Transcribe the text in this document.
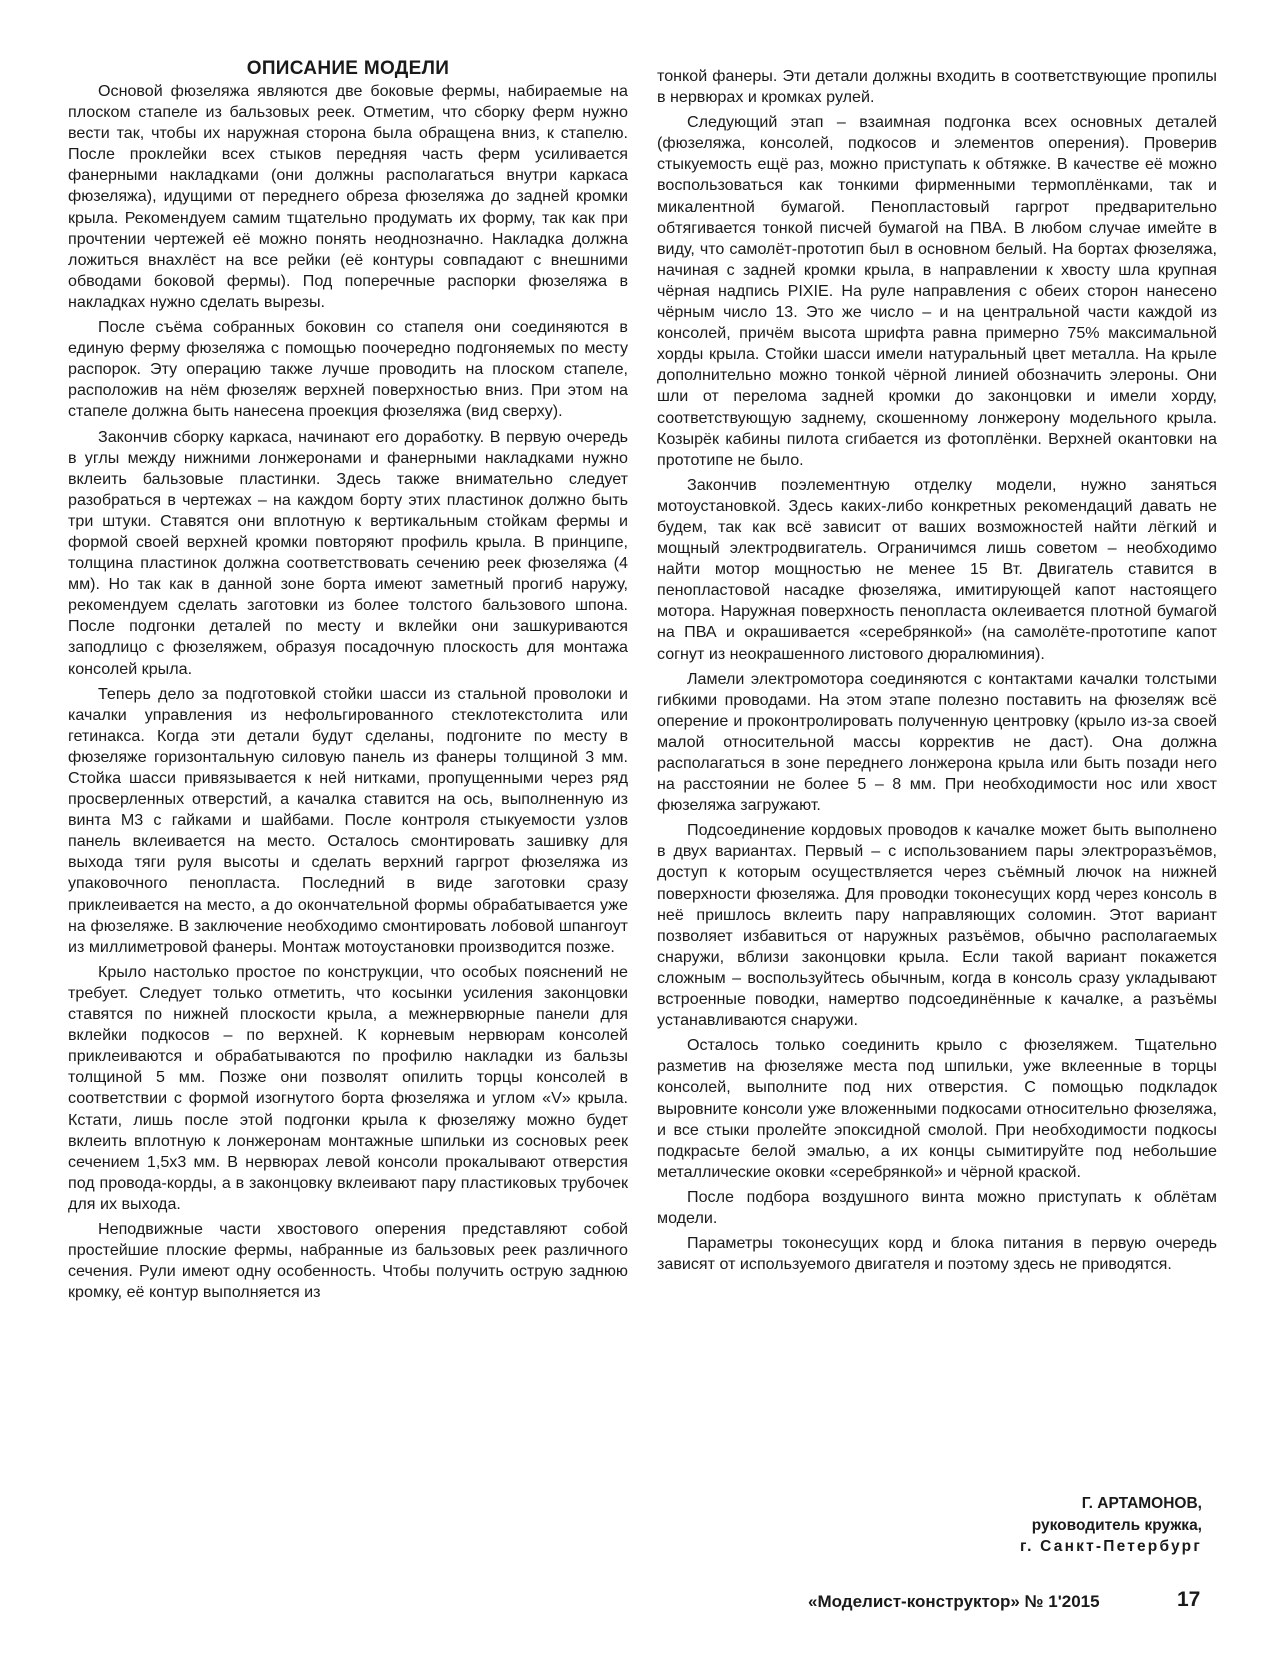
ОПИСАНИЕ МОДЕЛИ

Основой фюзеляжа являются две боковые фермы, набираемые на плоском стапеле из бальзовых реек. Отметим, что сборку ферм нужно вести так, чтобы их наружная сторона была обращена вниз, к стапелю. После проклейки всех стыков передняя часть ферм усиливается фанерными накладками (они должны располагаться внутри каркаса фюзеляжа), идущими от переднего обреза фюзеляжа до задней кромки крыла. Рекомендуем самим тщательно продумать их форму, так как при прочтении чертежей её можно понять неоднозначно. Накладка должна ложиться внахлёст на все рейки (её контуры совпадают с внешними обводами боковой фермы). Под поперечные распорки фюзеляжа в накладках нужно сделать вырезы.

После съёма собранных боковин со стапеля они соединяются в единую ферму фюзеляжа с помощью поочередно подгоняемых по месту распорок. Эту операцию также лучше проводить на плоском стапеле, расположив на нём фюзеляж верхней поверхностью вниз. При этом на стапеле должна быть нанесена проекция фюзеляжа (вид сверху).

Закончив сборку каркаса, начинают его доработку. В первую очередь в углы между нижними лонжеронами и фанерными накладками нужно вклеить бальзовые пластинки. Здесь также внимательно следует разобраться в чертежах – на каждом борту этих пластинок должно быть три штуки. Ставятся они вплотную к вертикальным стойкам фермы и формой своей верхней кромки повторяют профиль крыла. В принципе, толщина пластинок должна соответствовать сечению реек фюзеляжа (4 мм). Но так как в данной зоне борта имеют заметный прогиб наружу, рекомендуем сделать заготовки из более толстого бальзового шпона. После подгонки деталей по месту и вклейки они зашкуриваются заподлицо с фюзеляжем, образуя посадочную плоскость для монтажа консолей крыла.

Теперь дело за подготовкой стойки шасси из стальной проволоки и качалки управления из нефольгированного стеклотекстолита или гетинакса. Когда эти детали будут сделаны, подгоните по месту в фюзеляже горизонтальную силовую панель из фанеры толщиной 3 мм. Стойка шасси привязывается к ней нитками, пропущенными через ряд просверленных отверстий, а качалка ставится на ось, выполненную из винта М3 с гайками и шайбами. После контроля стыкуемости узлов панель вклеивается на место. Осталось смонтировать зашивку для выхода тяги руля высоты и сделать верхний гаргрот фюзеляжа из упаковочного пенопласта. Последний в виде заготовки сразу приклеивается на место, а до окончательной формы обрабатывается уже на фюзеляже. В заключение необходимо смонтировать лобовой шпангоут из миллиметровой фанеры. Монтаж мотоустановки производится позже.

Крыло настолько простое по конструкции, что особых пояснений не требует. Следует только отметить, что косынки усиления законцовки ставятся по нижней плоскости крыла, а межнервюрные панели для вклейки подкосов – по верхней. К корневым нервюрам консолей приклеиваются и обрабатываются по профилю накладки из бальзы толщиной 5 мм. Позже они позволят опилить торцы консолей в соответствии с формой изогнутого борта фюзеляжа и углом «V» крыла. Кстати, лишь после этой подгонки крыла к фюзеляжу можно будет вклеить вплотную к лонжеронам монтажные шпильки из сосновых реек сечением 1,5х3 мм. В нервюрах левой консоли прокалывают отверстия под провода-корды, а в законцовку вклеивают пару пластиковых трубочек для их выхода.

Неподвижные части хвостового оперения представляют собой простейшие плоские фермы, набранные из бальзовых реек различного сечения. Рули имеют одну особенность. Чтобы получить острую заднюю кромку, её контур выполняется из

тонкой фанеры. Эти детали должны входить в соответствующие пропилы в нервюрах и кромках рулей.

Следующий этап – взаимная подгонка всех основных деталей (фюзеляжа, консолей, подкосов и элементов оперения). Проверив стыкуемость ещё раз, можно приступать к обтяжке. В качестве её можно воспользоваться как тонкими фирменными термоплёнками, так и микалентной бумагой. Пенопластовый гаргрот предварительно обтягивается тонкой писчей бумагой на ПВА. В любом случае имейте в виду, что самолёт-прототип был в основном белый. На бортах фюзеляжа, начиная с задней кромки крыла, в направлении к хвосту шла крупная чёрная надпись PIXIE. На руле направления с обеих сторон нанесено чёрным число 13. Это же число – и на центральной части каждой из консолей, причём высота шрифта равна примерно 75% максимальной хорды крыла. Стойки шасси имели натуральный цвет металла. На крыле дополнительно можно тонкой чёрной линией обозначить элероны. Они шли от перелома задней кромки до законцовки и имели хорду, соответствующую заднему, скошенному лонжерону модельного крыла. Козырёк кабины пилота сгибается из фотоплёнки. Верхней окантовки на прототипе не было.

Закончив поэлементную отделку модели, нужно заняться мотоустановкой. Здесь каких-либо конкретных рекомендаций давать не будем, так как всё зависит от ваших возможностей найти лёгкий и мощный электродвигатель. Ограничимся лишь советом – необходимо найти мотор мощностью не менее 15 Вт. Двигатель ставится в пенопластовой насадке фюзеляжа, имитирующей капот настоящего мотора. Наружная поверхность пенопласта оклеивается плотной бумагой на ПВА и окрашивается «серебрянкой» (на самолёте-прототипе капот согнут из неокрашенного листового дюралюминия).

Ламели электромотора соединяются с контактами качалки толстыми гибкими проводами. На этом этапе полезно поставить на фюзеляж всё оперение и проконтролировать полученную центровку (крыло из-за своей малой относительной массы корректив не даст). Она должна располагаться в зоне переднего лонжерона крыла или быть позади него на расстоянии не более 5 – 8 мм. При необходимости нос или хвост фюзеляжа загружают.

Подсоединение кордовых проводов к качалке может быть выполнено в двух вариантах. Первый – с использованием пары электроразъёмов, доступ к которым осуществляется через съёмный лючок на нижней поверхности фюзеляжа. Для проводки токонесущих корд через консоль в неё пришлось вклеить пару направляющих соломин. Этот вариант позволяет избавиться от наружных разъёмов, обычно располагаемых снаружи, вблизи законцовки крыла. Если такой вариант покажется сложным – воспользуйтесь обычным, когда в консоль сразу укладывают встроенные поводки, намертво подсоединённые к качалке, а разъёмы устанавливаются снаружи.

Осталось только соединить крыло с фюзеляжем. Тщательно разметив на фюзеляже места под шпильки, уже вклеенные в торцы консолей, выполните под них отверстия. С помощью подкладок выровните консоли уже вложенными подкосами относительно фюзеляжа, и все стыки пролейте эпоксидной смолой. При необходимости подкосы подкрасьте белой эмалью, а их концы сымитируйте под небольшие металлические оковки «серебрянкой» и чёрной краской.

После подбора воздушного винта можно приступать к облётам модели.

Параметры токонесущих корд и блока питания в первую очередь зависят от используемого двигателя и поэтому здесь не приводятся.

Г. АРТАМОНОВ,
руководитель кружка,
г. Санкт-Петербург
«Моделист-конструктор» № 1'2015	17
